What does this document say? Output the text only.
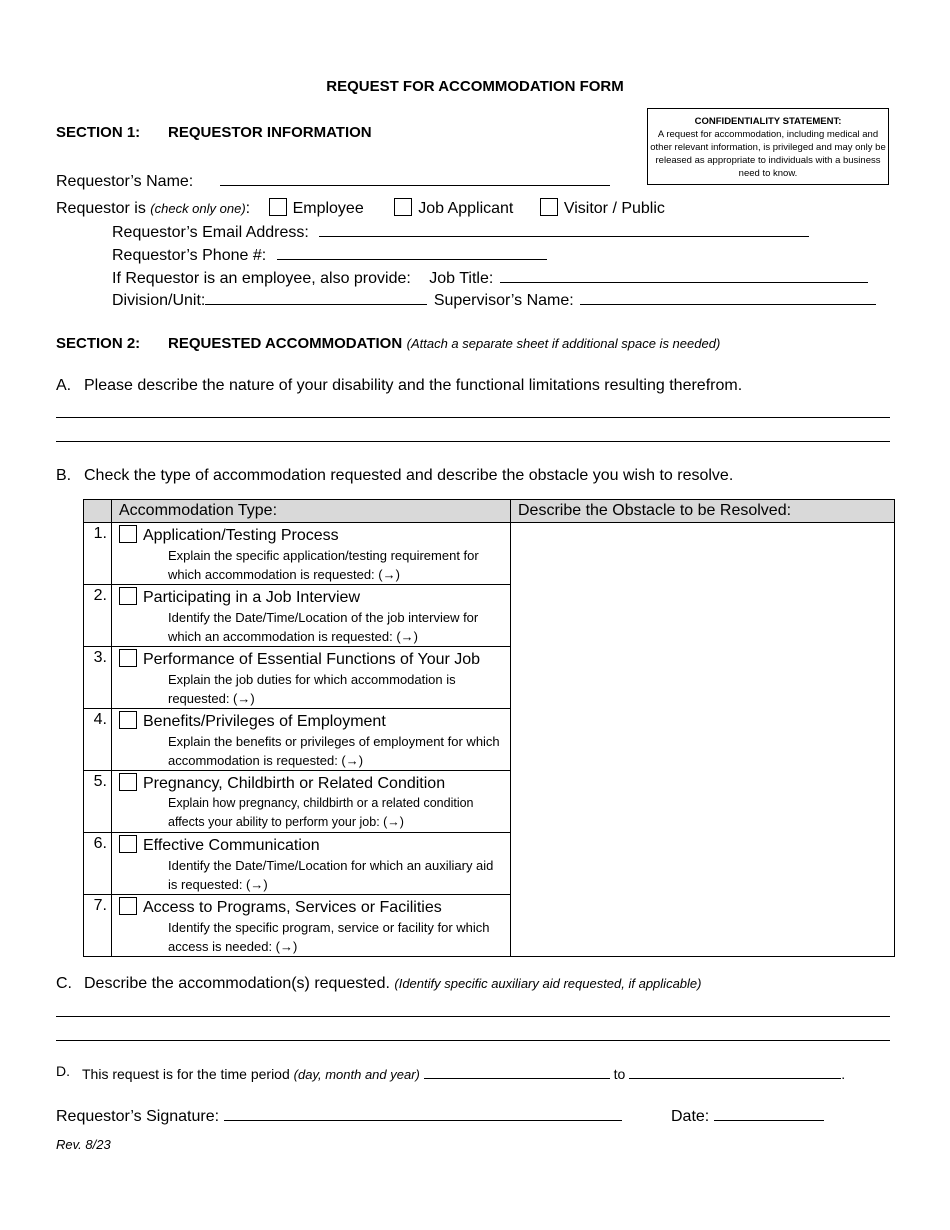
REQUEST FOR ACCOMMODATION FORM
CONFIDENTIALITY STATEMENT:
A request for accommodation, including medical and other relevant information, is privileged and may only be released as appropriate to individuals with a business need to know.
SECTION 1: REQUESTOR INFORMATION
Requestor’s Name:
Requestor is (check only one):	Employee	Job Applicant	Visitor / Public
Requestor’s Email Address:
Requestor’s Phone #:
If Requestor is an employee, also provide: Job Title:
Division/Unit:	Supervisor’s Name:
SECTION 2: REQUESTED ACCOMMODATION (Attach a separate sheet if additional space is needed)
A. Please describe the nature of your disability and the functional limitations resulting therefrom.
B. Check the type of accommodation requested and describe the obstacle you wish to resolve.
	Accommodation Type:	Describe the Obstacle to be Resolved:
1.	Application/Testing Process
Explain the specific application/testing requirement for which accommodation is requested: (→)	

2.	Participating in a Job Interview
Identify the Date/Time/Location of the job interview for which an accommodation is requested: (→)	

3.	Performance of Essential Functions of Your Job
Explain the job duties for which accommodation is requested: (→)	

4.	Benefits/Privileges of Employment
Explain the benefits or privileges of employment for which accommodation is requested: (→)	

5.	Pregnancy, Childbirth or Related Condition
Explain how pregnancy, childbirth or a related condition affects your ability to perform your job: (→)	

6.	Effective Communication
Identify the Date/Time/Location for which an auxiliary aid is requested: (→)	

7.	Access to Programs, Services or Facilities
Identify the specific program, service or facility for which access is needed: (→)	
C. Describe the accommodation(s) requested. (Identify specific auxiliary aid requested, if applicable)
D. This request is for the time period (day, month and year)	to	.
Requestor’s Signature:	Date:
Rev. 8/23
